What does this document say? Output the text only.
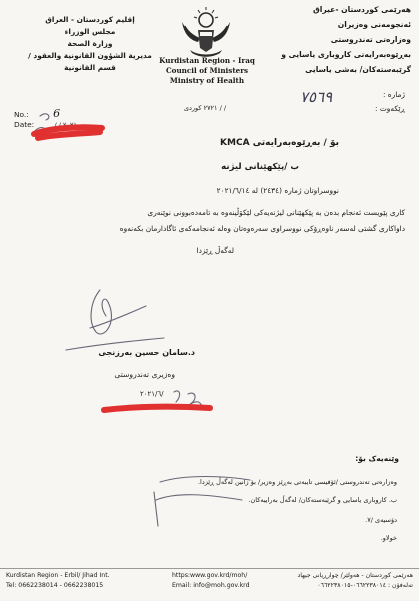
إقليم كوردستان - العراق
مجلس الوزراء
وزارة الصحة
مديرية الشؤون القانونية والعقود / قسم القانونية
Kurdistan Region - Iraq
Council of Ministers
Ministry of Health
هەرێمی کوردستان -عیراق
ئەنجومەنی وەزیران
وەزارەتی تەندروستی
بەڕێوەبەرایەتی کاروباری یاسایی و
گرێبەستەکان/ بەشی یاسایی
No.: 6
Date:	/ / ٢٠٢١
/ / ٢٧٢١ كوردی
ژماره :
ڕێکەوت :
٧٥٦٩
بۆ / بەڕێوەبەرایەتی KMCA
ب /پێکهێنانی لیژنە
نووسراوتان ژمارە (٢٤٣٤) لە ٢٠٢١/٦/١٤
کاری پێویست ئەنجام بدەن بە پێکهێنانی لیژنەیەکی لێکۆڵینەوە بە تامەدەبوونی نوێنەری
داواکاری گشتی لەسەر ناوەڕۆکی نووسراوی سەرەوەتان وەلە ئەنجامەکەی ئاگادارمان بکەنەوە
لەگەڵ ڕێزدا
د.سامان حسین بەرزنجی
وەزیری تەندروستی
٢٠٢١/٦/
وێنەیەک بۆ:
وەزارەتی تەندروستی /ئۆفیسی تایبەتی بەڕێز وەزیر/ بۆ زانین لەگەڵ ڕێزدا.
ب. کاروباری یاسایی و گرێبەستەکان/ لەگەڵ بەراییەکان.
دۆسیەی /٧.
خولاو.
Kurdistan Region - Erbil/ Jihad Int.
Tel: 0662238014 - 0662238015
https:www.gov.krd/moh/
Email: info@moh.gov.krd
هەرێمی کوردستان - هەولێر/ چوارڕیانی جیهاد
تەلەفۆن : ٠٦٦٢٢٣٨٠١٤-٠٦٦٢٢٣٨٠١٥
